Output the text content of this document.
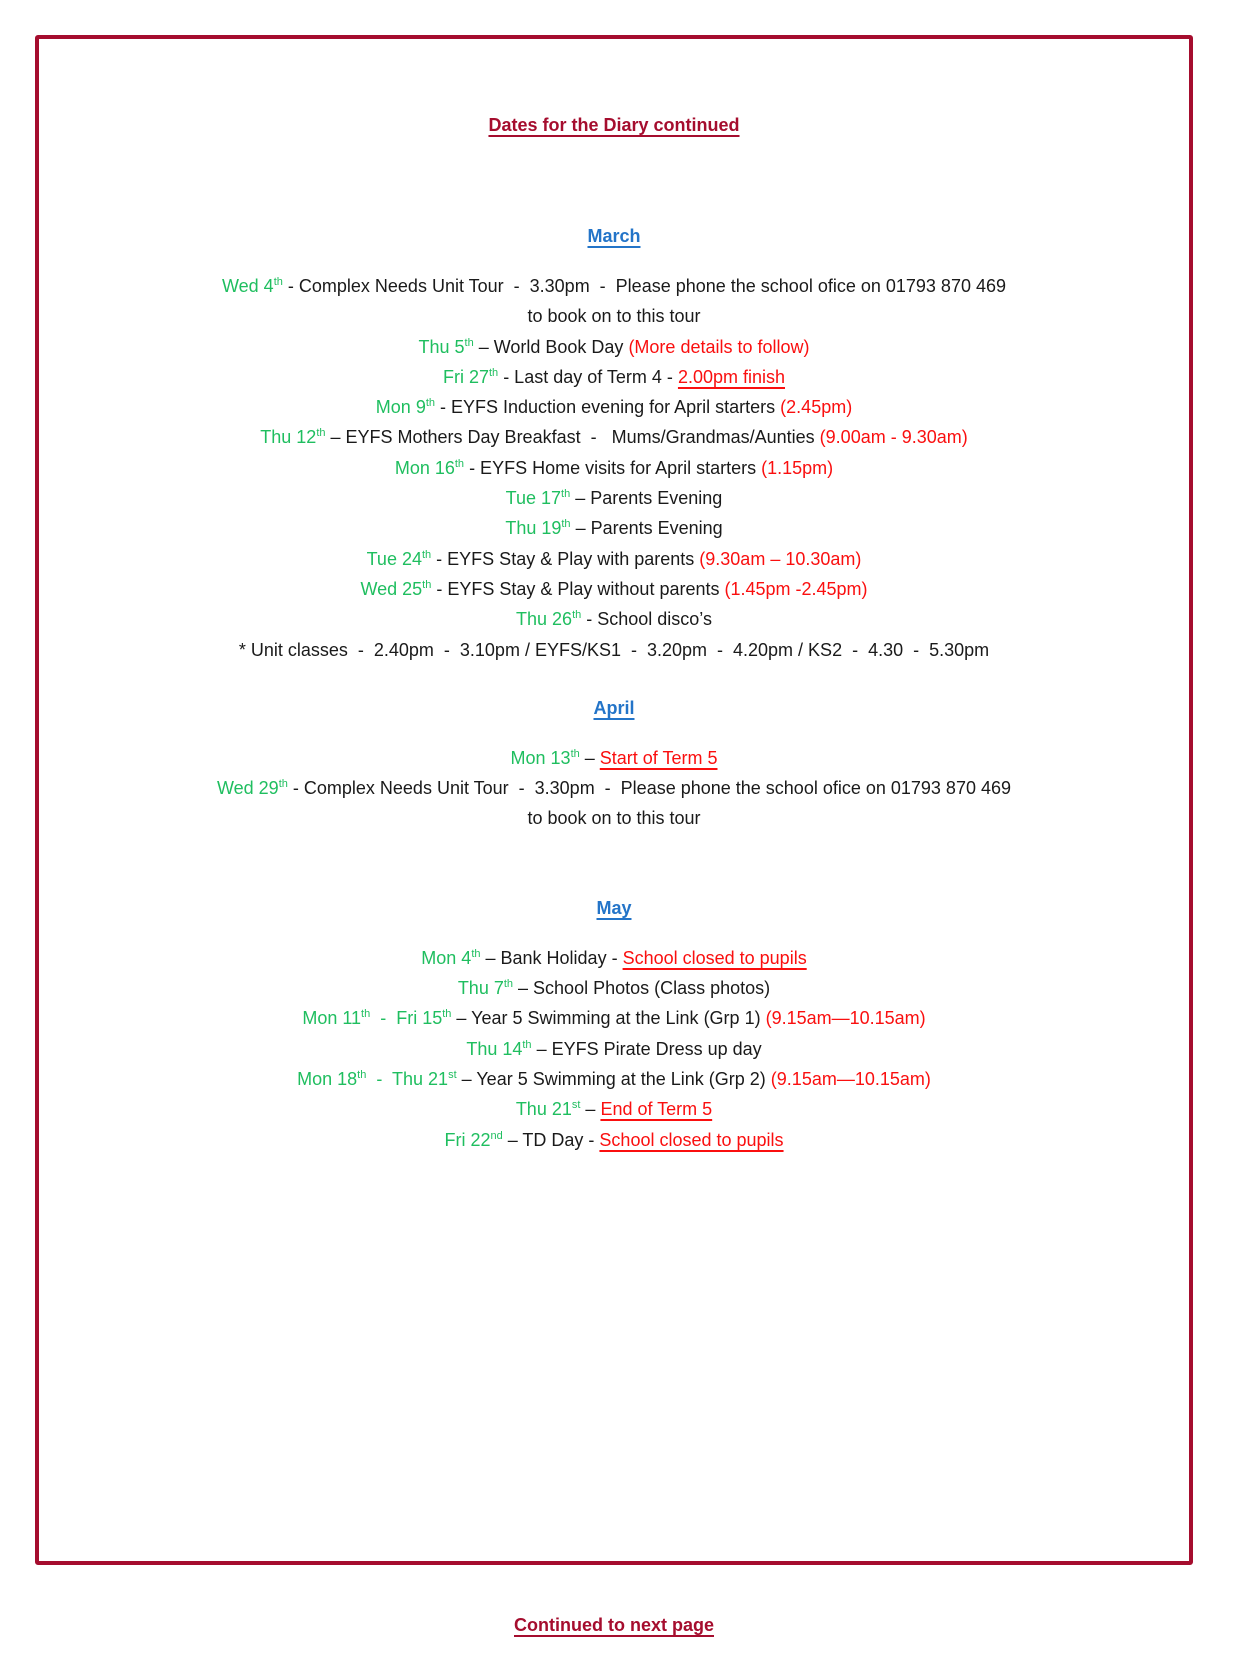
Dates for the Diary continued

March
Wed 4th - Complex Needs Unit Tour  -  3.30pm  -  Please phone the school ofice on 01793 870 469
to book on to this tour
Thu 5th – World Book Day (More details to follow)
Fri 27th - Last day of Term 4 - 2.00pm finish
Mon 9th - EYFS Induction evening for April starters (2.45pm)
Thu 12th – EYFS Mothers Day Breakfast  -   Mums/Grandmas/Aunties (9.00am - 9.30am)
Mon 16th - EYFS Home visits for April starters (1.15pm)
Tue 17th – Parents Evening
Thu 19th – Parents Evening
Tue 24th - EYFS Stay & Play with parents (9.30am – 10.30am)
Wed 25th - EYFS Stay & Play without parents (1.45pm -2.45pm)
Thu 26th - School disco’s
* Unit classes  -  2.40pm  -  3.10pm / EYFS/KS1  -  3.20pm  -  4.20pm / KS2  -  4.30  -  5.30pm
April
Mon 13th – Start of Term 5
Wed 29th - Complex Needs Unit Tour  -  3.30pm  -  Please phone the school ofice on 01793 870 469
to book on to this tour
May
Mon 4th – Bank Holiday - School closed to pupils
Thu 7th – School Photos (Class photos)
Mon 11th  -  Fri 15th – Year 5 Swimming at the Link (Grp 1) (9.15am—10.15am)
Thu 14th – EYFS Pirate Dress up day
Mon 18th  -  Thu 21st – Year 5 Swimming at the Link (Grp 2) (9.15am—10.15am)
Thu 21st – End of Term 5
Fri 22nd – TD Day - School closed to pupils

Continued to next page
